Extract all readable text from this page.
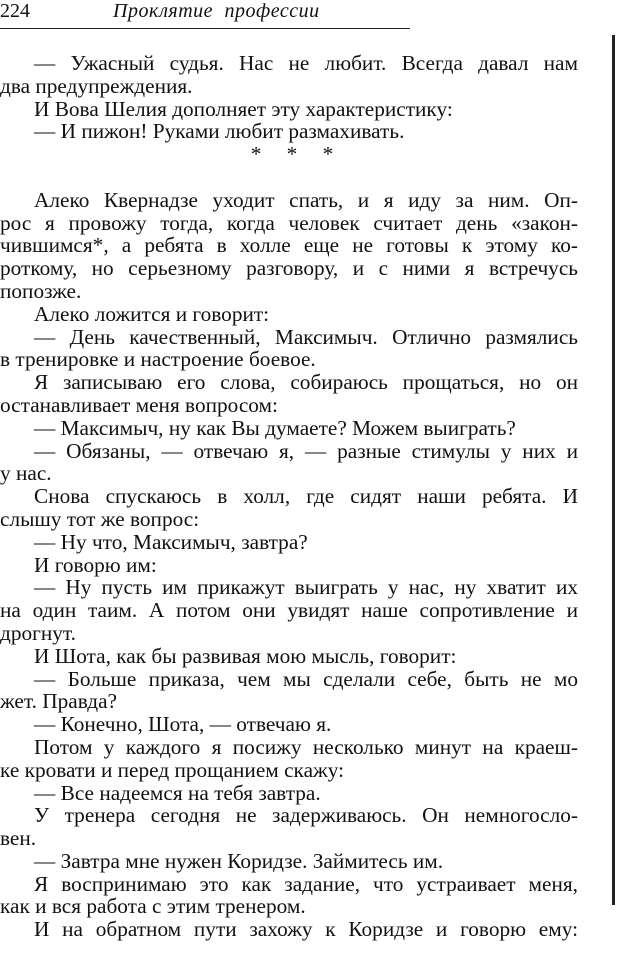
224	Проклятие профессии
— Ужасный судья. Нас не любит. Всегда давал нам
два предупреждения.
И Вова Шелия дополняет эту характеристику:
— И пижон! Руками любит размахивать.
* * *
Алеко Квернадзе уходит спать, и я иду за ним. Оп-
рос я провожу тогда, когда человек считает день «закон-
чившимся*, а ребята в холле еще не готовы к этому ко-
роткому, но серьезному разговору, и с ними я встречусь
попозже.
Алеко ложится и говорит:
— День качественный, Максимыч. Отлично размялись
в тренировке и настроение боевое.
Я записываю его слова, собираюсь прощаться, но он
останавливает меня вопросом:
— Максимыч, ну как Вы думаете? Можем выиграть?
— Обязаны, — отвечаю я, — разные стимулы у них и
у нас.
Снова спускаюсь в холл, где сидят наши ребята. И
слышу тот же вопрос:
— Ну что, Максимыч, завтра?
И говорю им:
— Ну пусть им прикажут выиграть у нас, ну хватит их
на один таим. А потом они увидят наше сопротивление и
дрогнут.
И Шота, как бы развивая мою мысль, говорит:
— Больше приказа, чем мы сделали себе, быть не мо
жет. Правда?
— Конечно, Шота, — отвечаю я.
Потом у каждого я посижу несколько минут на краеш-
ке кровати и перед прощанием скажу:
— Все надеемся на тебя завтра.
У тренера сегодня не задерживаюсь. Он немногосло-
вен.
— Завтра мне нужен Коридзе. Займитесь им.
Я воспринимаю это как задание, что устраивает меня,
как и вся работа с этим тренером.
И на обратном пути захожу к Коридзе и говорю ему:
